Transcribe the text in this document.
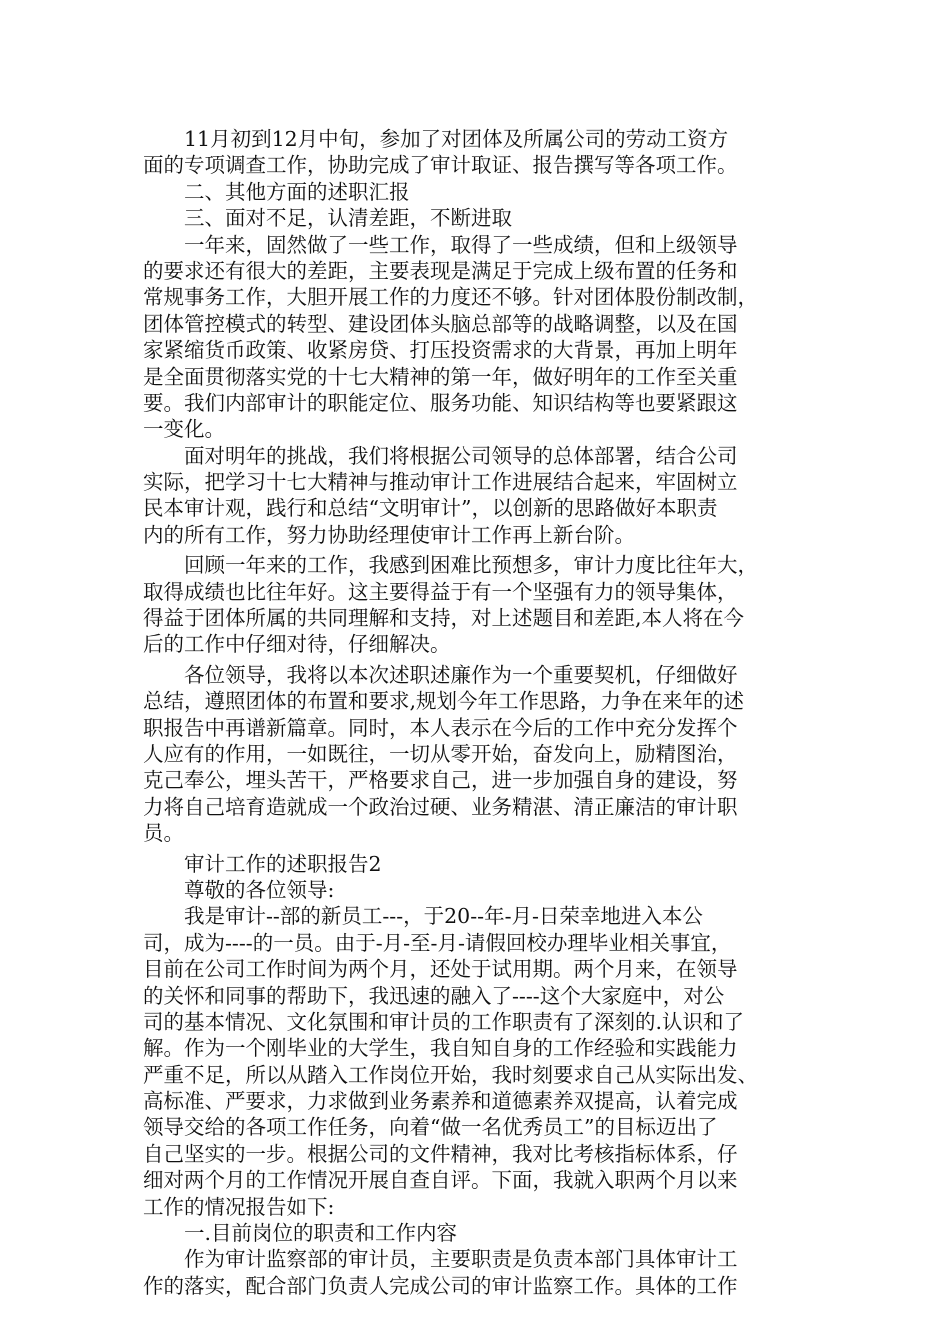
　　11月初到12月中旬，参加了对团体及所属公司的劳动工资方
面的专项调查工作，协助完成了审计取证、报告撰写等各项工作。
　　二、其他方面的述职汇报
　　三、面对不足，认清差距，不断进取
　　一年来，固然做了一些工作，取得了一些成绩，但和上级领导
的要求还有很大的差距，主要表现是满足于完成上级布置的任务和
常规事务工作，大胆开展工作的力度还不够。针对团体股份制改制，
团体管控模式的转型、建设团体头脑总部等的战略调整，以及在国
家紧缩货币政策、收紧房贷、打压投资需求的大背景，再加上明年
是全面贯彻落实党的十七大精神的第一年，做好明年的工作至关重
要。我们内部审计的职能定位、服务功能、知识结构等也要紧跟这
一变化。
　　面对明年的挑战，我们将根据公司领导的总体部署，结合公司
实际，把学习十七大精神与推动审计工作进展结合起来，牢固树立
民本审计观，践行和总结“文明审计”，以创新的思路做好本职责
内的所有工作，努力协助经理使审计工作再上新台阶。
　　回顾一年来的工作，我感到困难比预想多，审计力度比往年大，
取得成绩也比往年好。这主要得益于有一个坚强有力的领导集体，
得益于团体所属的共同理解和支持，对上述题目和差距,本人将在今
后的工作中仔细对待，仔细解决。
　　各位领导，我将以本次述职述廉作为一个重要契机，仔细做好
总结，遵照团体的布置和要求,规划今年工作思路，力争在来年的述
职报告中再谱新篇章。同时，本人表示在今后的工作中充分发挥个
人应有的作用，一如既往，一切从零开始，奋发向上，励精图治，
克己奉公，埋头苦干，严格要求自己，进一步加强自身的建设，努
力将自己培育造就成一个政治过硬、业务精湛、清正廉洁的审计职
员。
　　审计工作的述职报告2
　　尊敬的各位领导:
　　我是审计--部的新员工---，于20--年-月-日荣幸地进入本公
司，成为----的一员。由于-月-至-月-请假回校办理毕业相关事宜，
目前在公司工作时间为两个月，还处于试用期。两个月来，在领导
的关怀和同事的帮助下，我迅速的融入了----这个大家庭中，对公
司的基本情况、文化氛围和审计员的工作职责有了深刻的.认识和了
解。作为一个刚毕业的大学生，我自知自身的工作经验和实践能力
严重不足，所以从踏入工作岗位开始，我时刻要求自己从实际出发、
高标准、严要求，力求做到业务素养和道德素养双提高，认着完成
领导交给的各项工作任务，向着“做一名优秀员工”的目标迈出了
自己坚实的一步。根据公司的文件精神，我对比考核指标体系，仔
细对两个月的工作情况开展自查自评。下面，我就入职两个月以来
工作的情况报告如下:
　　一.目前岗位的职责和工作内容
　　作为审计监察部的审计员，主要职责是负责本部门具体审计工
作的落实，配合部门负责人完成公司的审计监察工作。具体的工作
